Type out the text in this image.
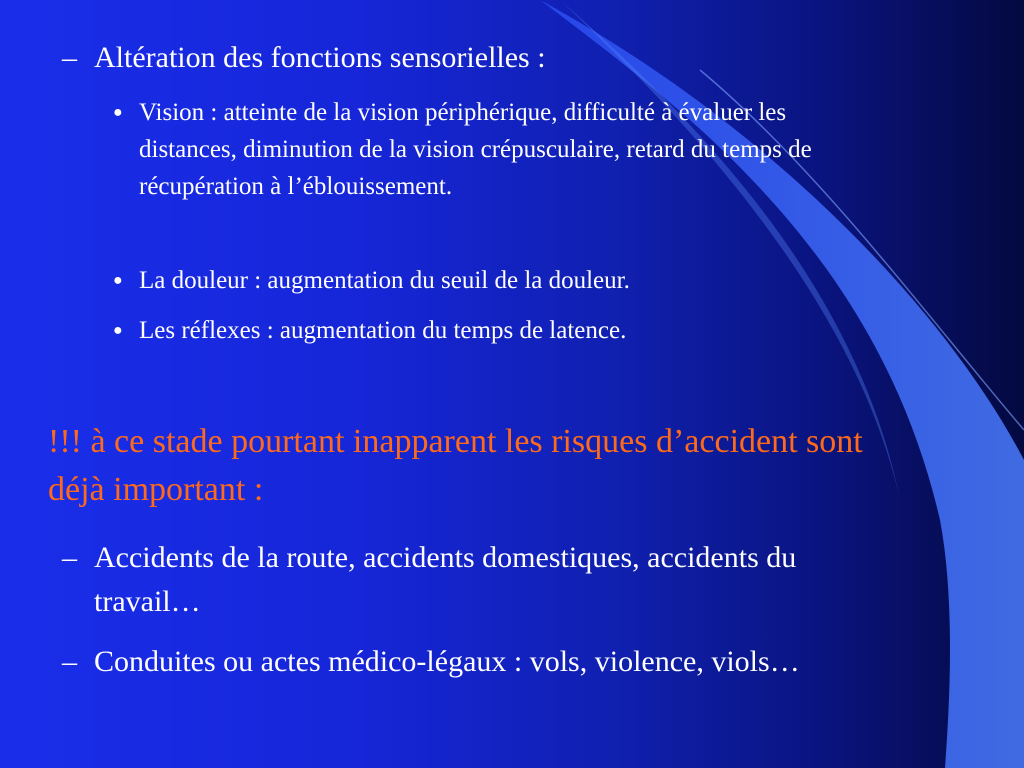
– Altération des fonctions sensorielles :
● Vision : atteinte de la vision périphérique, difficulté à évaluer les distances, diminution de la vision crépusculaire, retard du temps de récupération à l’éblouissement.
● La douleur : augmentation du seuil de la douleur.
● Les réflexes : augmentation du temps de latence.
!!! à ce stade pourtant inapparent les risques d’accident sont déjà important :
– Accidents de la route, accidents domestiques, accidents du travail…
– Conduites ou actes médico-légaux : vols, violence, viols…
